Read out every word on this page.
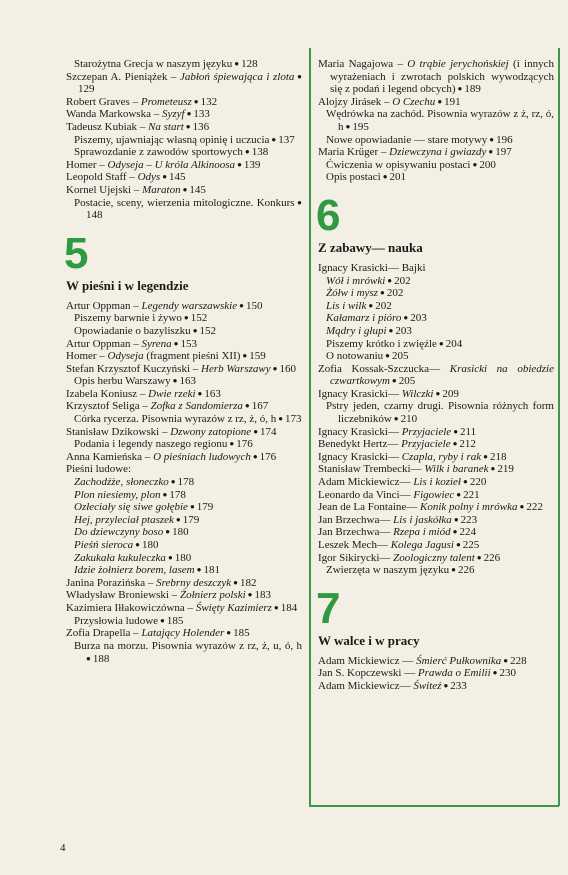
Starożytna Grecja w naszym języku ● 128

Szczepan A. Pieniążek – Jabłoń śpiewająca i zlota ● 129

Robert Graves – Prometeusz ● 132

Wanda Markowska – Syzyf ● 133

Tadeusz Kubiak – Na start ● 136

Piszemy, ujawniając własną opinię i uczucia ● 137

Sprawozdanie z zawodów sportowych ● 138

Homer – Odyseja – U króla Alkinoosa ● 139

Leopold Staff – Odys ● 145

Kornel Ujejski – Maraton ● 145

Postacie, sceny, wierzenia mitologiczne. Konkurs ● 148

5
W pieśni i w legendzie

Artur Oppman – Legendy warszawskie ● 150

Piszemy barwnie i żywo ● 152

Opowiadanie o bazyliszku ● 152

Artur Oppman – Syrena ● 153

Homer – Odyseja (fragment pieśni XII) ● 159

Stefan Krzysztof Kuczyński – Herb Warszawy ● 160

Opis herbu Warszawy ● 163

Izabela Koniusz – Dwie rzeki ● 163

Krzysztof Seliga – Zofka z Sandomierza ● 167

Córka rycerza. Pisownia wyrazów z rz, ż, ó, h ● 173

Stanisław Dzikowski – Dzwony zatopione ● 174

Podania i legendy naszego regionu ● 176

Anna Kamieńska – O pieśniach ludowych ● 176

Pieśni ludowe:

Zachodźże, słoneczko ● 178

Plon niesiemy, plon ● 178

Ozłeciały się siwe gołębie ● 179

Hej, przyleciał ptaszek ● 179

Do dziewczyny boso ● 180

Pieśń sieroca ● 180

Zakukała kukuleczka ● 180

Idzie żołnierz borem, lasem ● 181

Janina Porazińska – Srebrny deszczyk ● 182

Władysław Broniewski – Żołnierz polski ● 183

Kazimiera Iłłakowiczówna – Święty Kazimierz ● 184

Przysłowia ludowe ● 185

Zofia Drapella – Latający Holender ● 185

Burza na morzu. Pisownia wyrazów z rz, ż, u, ó, h ● 188

Maria Nagajowa – O trąbie jerychońskiej (i innych wyrażeniach i zwrotach polskich wywodzących się z podań i legend obcych) ● 189

Alojzy Jirásek – O Czechu ● 191

Wędrówka na zachód. Pisownia wyrazów z ż, rz, ó, h ● 195

Nowe opowiadanie — stare motywy ● 196

Maria Krüger – Dziewczyna i gwiazdy ● 197

Ćwiczenia w opisywaniu postaci ● 200

Opis postaci ● 201

6
Z zabawy— nauka

Ignacy Krasicki— Bajki

Wół i mrówki ● 202

Żółw i mysz ● 202

Lis i wilk ● 202

Kałamarz i pióro ● 203

Mądry i głupi ● 203

Piszemy krótko i zwięźle ● 204

O notowaniu ● 205

Zofia Kossak-Szczucka— Krasicki na obiedzie czwartkowym ● 205

Ignacy Krasicki— Wilczki ● 209

Pstry jeden, czarny drugi. Pisownia różnych form liczebników ● 210

Ignacy Krasicki— Przyjaciele ● 211

Benedykt Hertz— Przyjaciele ● 212

Ignacy Krasicki— Czapla, ryby i rak ● 218

Stanisław Trembecki— Wilk i baranek ● 219

Adam Mickiewicz— Lis i kozieł ● 220

Leonardo da Vinci— Figowiec ● 221

Jean de La Fontaine— Konik polny i mrówka ● 222

Jan Brzechwa— Lis i jaskółka ● 223

Jan Brzechwa— Rzepa i miód ● 224

Leszek Mech— Kolega Jagusi ● 225

Igor Sikirycki— Zoologiczny talent ● 226

Zwierzęta w naszym języku ● 226

7
W walce i w pracy

Adam Mickiewicz — Śmierć Pułkownika ● 228

Jan S. Kopczewski — Prawda o Emilii ● 230

Adam Mickiewicz— Świteź ● 233

4
